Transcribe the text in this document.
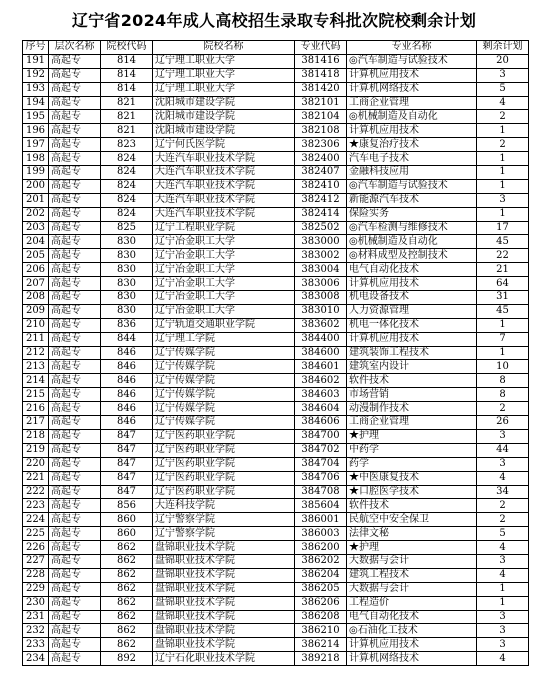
辽宁省2024年成人高校招生录取专科批次院校剩余计划
序号	层次名称	院校代码	院校名称	专业代码	专业名称	剩余计划
191	高起专	814	辽宁理工职业大学	381416	◎汽车制造与试验技术	20
192	高起专	814	辽宁理工职业大学	381418	计算机应用技术	3
193	高起专	814	辽宁理工职业大学	381420	计算机网络技术	5
194	高起专	821	沈阳城市建设学院	382101	工商企业管理	4
195	高起专	821	沈阳城市建设学院	382104	◎机械制造及自动化	2
196	高起专	821	沈阳城市建设学院	382108	计算机应用技术	1
197	高起专	823	辽宁何氏医学院	382306	★康复治疗技术	2
198	高起专	824	大连汽车职业技术学院	382400	汽车电子技术	1
199	高起专	824	大连汽车职业技术学院	382407	金融科技应用	1
200	高起专	824	大连汽车职业技术学院	382410	◎汽车制造与试验技术	1
201	高起专	824	大连汽车职业技术学院	382412	新能源汽车技术	3
202	高起专	824	大连汽车职业技术学院	382414	保险实务	1
203	高起专	825	辽宁工程职业学院	382502	◎汽车检测与维修技术	17
204	高起专	830	辽宁冶金职工大学	383000	◎机械制造及自动化	45
205	高起专	830	辽宁冶金职工大学	383002	◎材料成型及控制技术	22
206	高起专	830	辽宁冶金职工大学	383004	电气自动化技术	21
207	高起专	830	辽宁冶金职工大学	383006	计算机应用技术	64
208	高起专	830	辽宁冶金职工大学	383008	机电设备技术	31
209	高起专	830	辽宁冶金职工大学	383010	人力资源管理	45
210	高起专	836	辽宁轨道交通职业学院	383602	机电一体化技术	1
211	高起专	844	辽宁理工学院	384400	计算机应用技术	7
212	高起专	846	辽宁传媒学院	384600	建筑装饰工程技术	1
213	高起专	846	辽宁传媒学院	384601	建筑室内设计	10
214	高起专	846	辽宁传媒学院	384602	软件技术	8
215	高起专	846	辽宁传媒学院	384603	市场营销	8
216	高起专	846	辽宁传媒学院	384604	动漫制作技术	2
217	高起专	846	辽宁传媒学院	384606	工商企业管理	26
218	高起专	847	辽宁医药职业学院	384700	★护理	3
219	高起专	847	辽宁医药职业学院	384702	中药学	44
220	高起专	847	辽宁医药职业学院	384704	药学	3
221	高起专	847	辽宁医药职业学院	384706	★中医康复技术	4
222	高起专	847	辽宁医药职业学院	384708	★口腔医学技术	34
223	高起专	856	大连科技学院	385604	软件技术	2
224	高起专	860	辽宁警察学院	386001	民航空中安全保卫	2
225	高起专	860	辽宁警察学院	386003	法律文秘	5
226	高起专	862	盘锦职业技术学院	386200	★护理	4
227	高起专	862	盘锦职业技术学院	386202	大数据与会计	3
228	高起专	862	盘锦职业技术学院	386204	建筑工程技术	4
229	高起专	862	盘锦职业技术学院	386205	大数据与会计	1
230	高起专	862	盘锦职业技术学院	386206	工程造价	1
231	高起专	862	盘锦职业技术学院	386208	电气自动化技术	3
232	高起专	862	盘锦职业技术学院	386210	◎石油化工技术	3
233	高起专	862	盘锦职业技术学院	386214	计算机应用技术	3
234	高起专	892	辽宁石化职业技术学院	389218	计算机网络技术	4
